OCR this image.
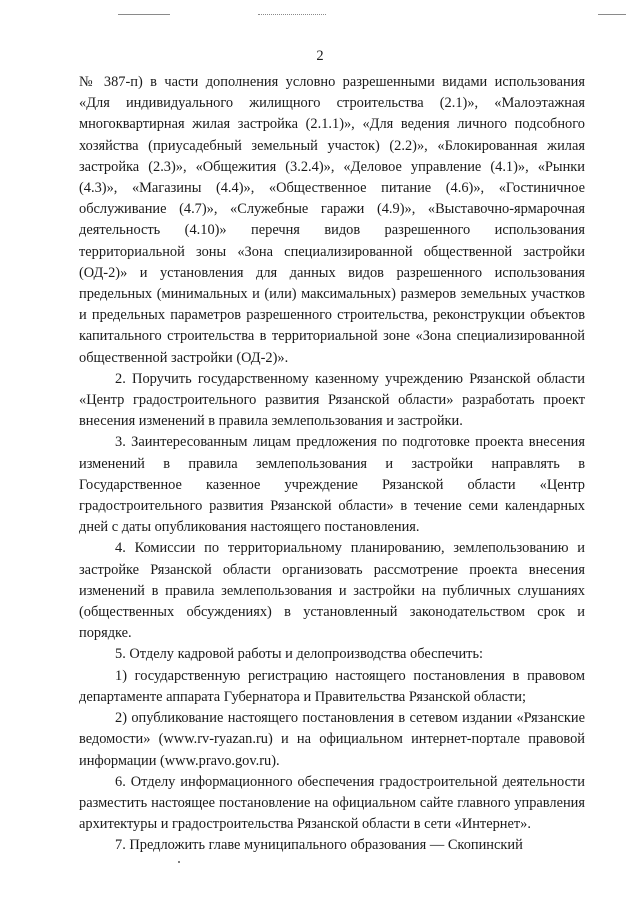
2

№ 387-п) в части дополнения условно разрешенными видами использования «Для индивидуального жилищного строительства (2.1)», «Малоэтажная многоквартирная жилая застройка (2.1.1)», «Для ведения личного подсобного хозяйства (приусадебный земельный участок) (2.2)», «Блокированная жилая застройка (2.3)», «Общежития (3.2.4)», «Деловое управление (4.1)», «Рынки (4.3)», «Магазины (4.4)», «Общественное питание (4.6)», «Гостиничное обслуживание (4.7)», «Служебные гаражи (4.9)», «Выставочно-ярмарочная деятельность (4.10)» перечня видов разрешенного использования территориальной зоны «Зона специализированной общественной застройки (ОД-2)» и установления для данных видов разрешенного использования предельных (минимальных и (или) максимальных) размеров земельных участков и предельных параметров разрешенного строительства, реконструкции объектов капитального строительства в территориальной зоне «Зона специализированной общественной застройки (ОД-2)».

2. Поручить государственному казенному учреждению Рязанской области «Центр градостроительного развития Рязанской области» разработать проект внесения изменений в правила землепользования и застройки.

3. Заинтересованным лицам предложения по подготовке проекта внесения изменений в правила землепользования и застройки направлять в Государственное казенное учреждение Рязанской области «Центр градостроительного развития Рязанской области» в течение семи календарных дней с даты опубликования настоящего постановления.

4. Комиссии по территориальному планированию, землепользованию и застройке Рязанской области организовать рассмотрение проекта внесения изменений в правила землепользования и застройки на публичных слушаниях (общественных обсуждениях) в установленный законодательством срок и порядке.

5. Отделу кадровой работы и делопроизводства обеспечить:

1) государственную регистрацию настоящего постановления в правовом департаменте аппарата Губернатора и Правительства Рязанской области;

2) опубликование настоящего постановления в сетевом издании «Рязанские ведомости» (www.rv-ryazan.ru) и на официальном интернет-портале правовой информации (www.pravo.gov.ru).

6. Отделу информационного обеспечения градостроительной деятельности разместить настоящее постановление на официальном сайте главного управления архитектуры и градостроительства Рязанской области в сети «Интернет».

7. Предложить главе муниципального образования — Скопинский
